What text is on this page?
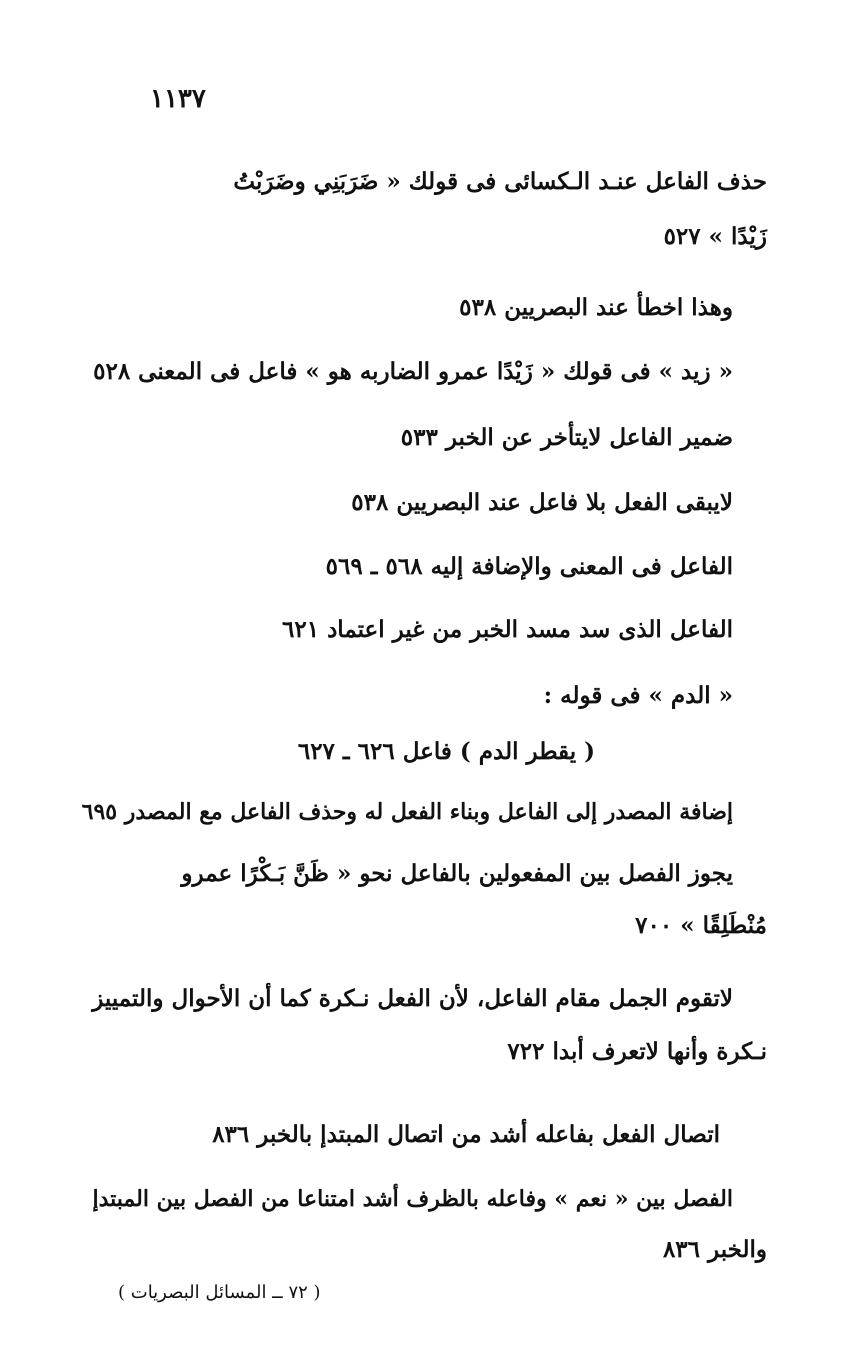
١١٣٧
حذف الفاعل عنـد الـكسائى فى قولك « ضَرَبَنِي وضَرَبْتُ
زَيْدًا » ٥٢٧
وهذا اخطأ عند البصريين ٥٣٨
« زيد » فى قولك « زَيْدًا عمرو الضاربه هو » فاعل فى المعنى ٥٢٨
ضمير الفاعل لايتأخر عن الخبر ٥٣٣
لايبقى الفعل بلا فاعل عند البصريين ٥٣٨
الفاعل فى المعنى والإضافة إليه ٥٦٨ ـ ٥٦٩
الفاعل الذى سد مسد الخبر من غير اعتماد ٦٢١
« الدم » فى قوله :
( يقطر الدم ) فاعل ٦٢٦ ـ ٦٢٧
إضافة المصدر إلى الفاعل وبناء الفعل له وحذف الفاعل مع المصدر ٦٩٥
يجوز الفصل بين المفعولين بالفاعل نحو « ظَنَّ بَـكْرًا عمرو
مُنْطَلِقًا » ٧٠٠
لاتقوم الجمل مقام الفاعل، لأن الفعل نـكرة كما أن الأحوال والتمييز
نـكرة وأنها لاتعرف أبدا ٧٢٢
اتصال الفعل بفاعله أشد من اتصال المبتدإ بالخبر ٨٣٦
الفصل بين « نعم » وفاعله بالظرف أشد امتناعا من الفصل بين المبتدإ
والخبر ٨٣٦
( ٧٢ ــ المسائل البصريات )
